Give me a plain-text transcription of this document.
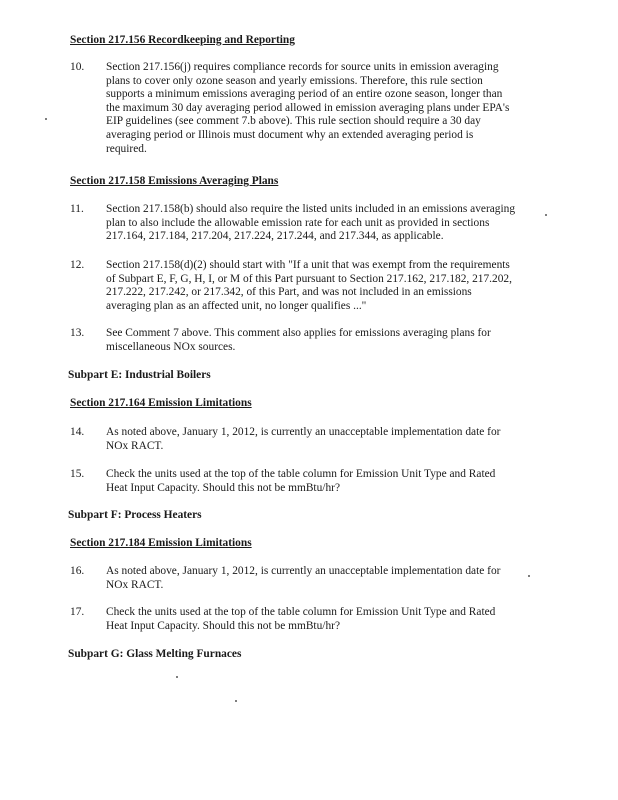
Section 217.156 Recordkeeping and Reporting
10.	Section 217.156(j) requires compliance records for source units in emission averaging
plans to cover only ozone season and yearly emissions. Therefore, this rule section
supports a minimum emissions averaging period of an entire ozone season, longer than
the maximum 30 day averaging period allowed in emission averaging plans under EPA's
EIP guidelines (see comment 7.b above). This rule section should require a 30 day
averaging period or Illinois must document why an extended averaging period is
required.
Section 217.158 Emissions Averaging Plans
11.	Section 217.158(b) should also require the listed units included in an emissions averaging
plan to also include the allowable emission rate for each unit as provided in sections
217.164, 217.184, 217.204, 217.224, 217.244, and 217.344, as applicable.
12.	Section 217.158(d)(2) should start with "If a unit that was exempt from the requirements
of Subpart E, F, G, H, I, or M of this Part pursuant to Section 217.162, 217.182, 217.202,
217.222, 217.242, or 217.342, of this Part, and was not included in an emissions
averaging plan as an affected unit, no longer qualifies ..."
13.	See Comment 7 above. This comment also applies for emissions averaging plans for
miscellaneous NOx sources.
Subpart E: Industrial Boilers
Section 217.164 Emission Limitations
14.	As noted above, January 1, 2012, is currently an unacceptable implementation date for
NOx RACT.
15.	Check the units used at the top of the table column for Emission Unit Type and Rated
Heat Input Capacity. Should this not be mmBtu/hr?
Subpart F: Process Heaters
Section 217.184 Emission Limitations
16.	As noted above, January 1, 2012, is currently an unacceptable implementation date for
NOx RACT.
17.	Check the units used at the top of the table column for Emission Unit Type and Rated
Heat Input Capacity. Should this not be mmBtu/hr?
Subpart G: Glass Melting Furnaces
